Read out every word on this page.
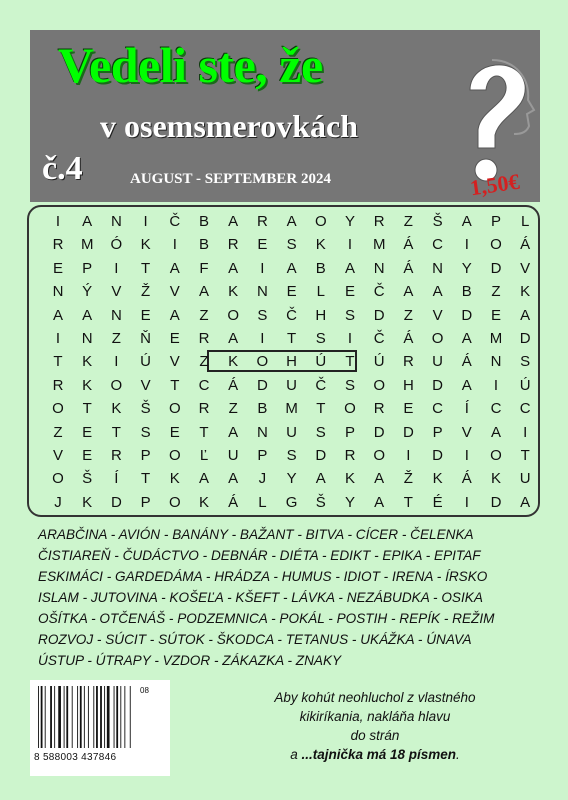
Vedeli ste, že
v osemsmerovkách
č.4	AUGUST - SEPTEMBER 2024	1,50€
I	A	N	I	Č	B	A	R	A	O	Y	R	Z	Š	A	P	L
R	M	Ó	K	I	B	R	E	S	K	I	M	Á	C	I	O	Á
E	P	I	T	A	F	A	I	A	B	A	N	Á	N	Y	D	V
N	Ý	V	Ž	V	A	K	N	E	L	E	Č	A	A	B	Z	K
A	A	N	E	A	Z	O	S	Č	H	S	D	Z	V	D	E	A
I	N	Z	Ň	E	R	A	I	T	S	I	Č	Á	O	A	M	D
T	K	I	Ú	V	Z	K	O	H	Ú	T	Ú	R	U	Á	N	S
R	K	O	V	T	C	Á	D	U	Č	S	O	H	D	A	I	Ú
O	T	K	Š	O	R	Z	B	M	T	O	R	E	C	Í	C	C
Z	E	T	S	E	T	A	N	U	S	P	D	D	P	V	A	I
V	E	R	P	O	Ľ	U	P	S	D	R	O	I	D	I	O	T
O	Š	Í	T	K	A	A	J	Y	A	K	A	Ž	K	Á	K	U
J	K	D	P	O	K	Á	L	G	Š	Y	A	T	É	I	D	A
ARABČINA - AVIÓN - BANÁNY - BAŽANT - BITVA - CÍCER - ČELENKA
ČISTIAREŇ - ČUDÁCTVO - DEBNÁR - DIÉTA - EDIKT - EPIKA - EPITAF
ESKIMÁCI - GARDEDÁMA - HRÁDZA - HUMUS - IDIOT - IRENA - ÍRSKO
ISLAM - JUTOVINA - KOŠEĽA - KŠEFT - LÁVKA - NEZÁBUDKA - OSIKA
OŠÍTKA - OTČENÁŠ - PODZEMNICA - POKÁL - POSTIH - REPÍK - REŽIM
ROZVOJ - SÚCIT - SÚTOK - ŠKODCA - TETANUS - UKÁŽKA - ÚNAVA
ÚSTUP - ÚTRAPY - VZDOR - ZÁKAZKA - ZNAKY
8 588003 437846
08	Aby kohút neohluchol z vlastného
kikiríkania, nakláňa hlavu
do strán
a ...tajnička má 18 písmen.
